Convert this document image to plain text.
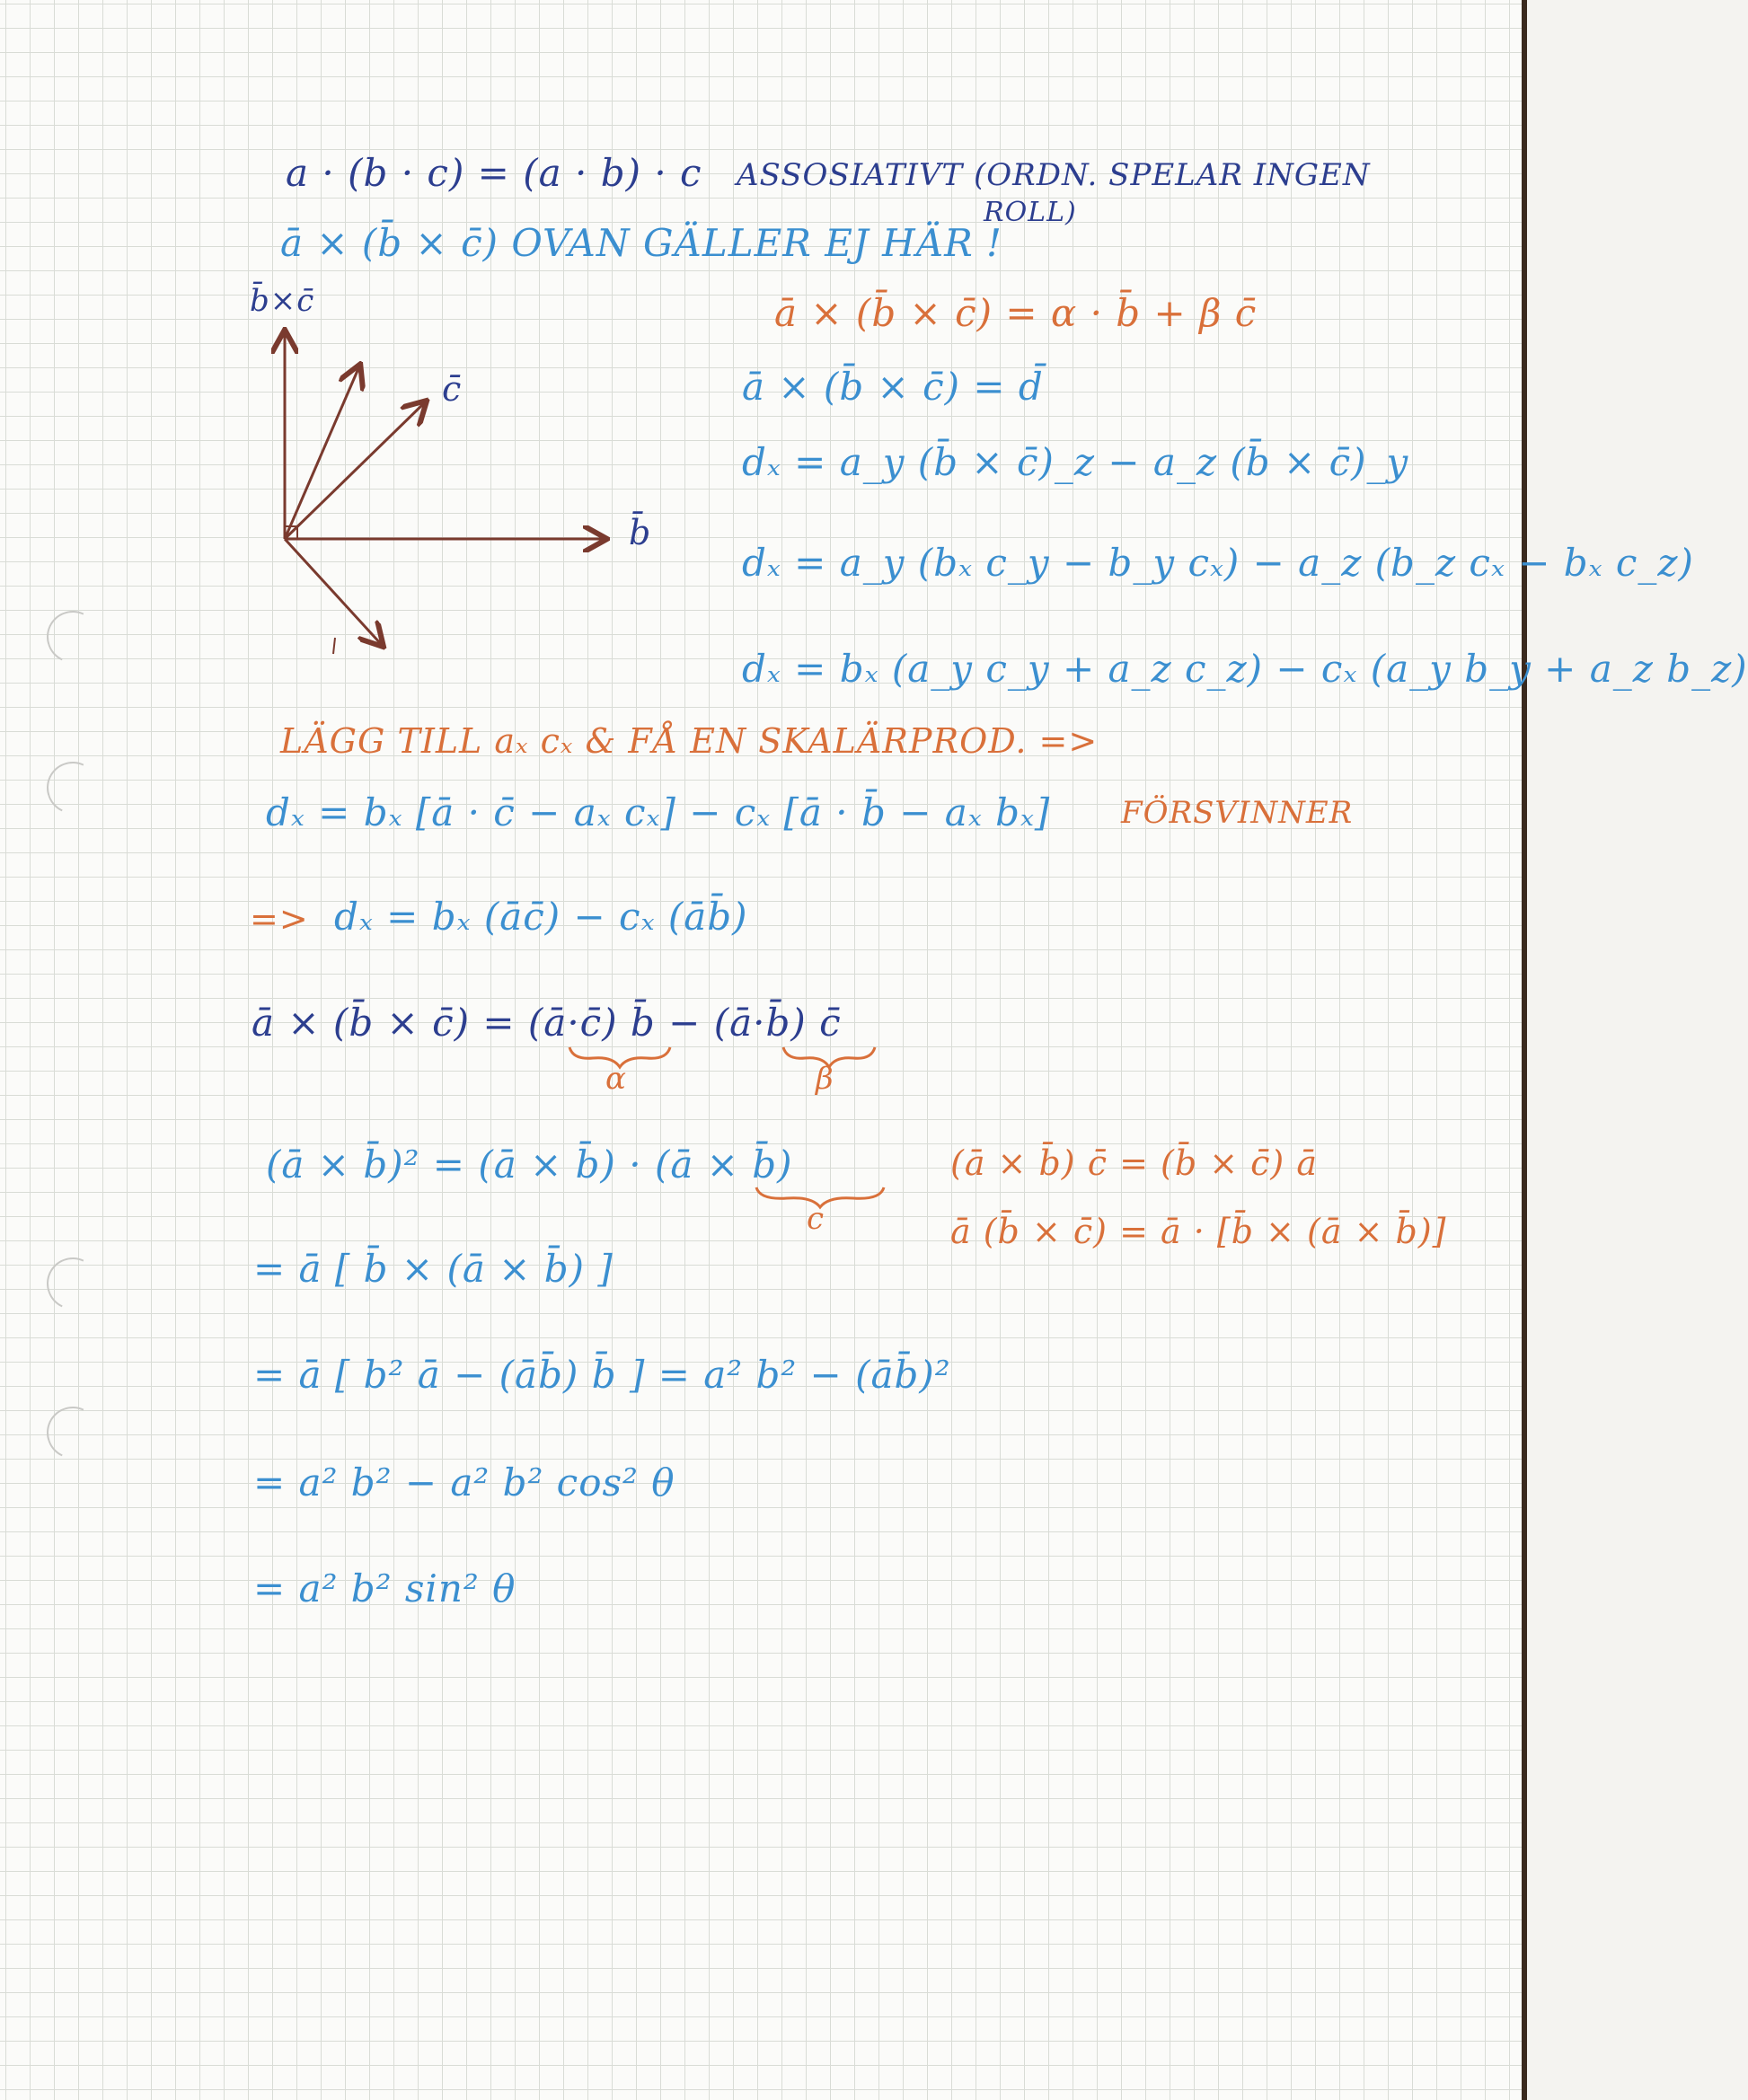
a · (b · c) = (a · b) · c ASSOSIATIVT (ORDN. SPELAR INGEN
ROLL)
ā × (b̄ × c̄) OVAN GÄLLER EJ HÄR !
b̄×c̄
c̄
b̄
ā × (b̄ × c̄) = α · b̄ + β c̄
ā × (b̄ × c̄) = d̄
dₓ = a_y (b̄ × c̄)_z − a_z (b̄ × c̄)_y
dₓ = a_y (bₓ c_y − b_y cₓ) − a_z (b_z cₓ − bₓ c_z)
dₓ = bₓ (a_y c_y + a_z c_z) − cₓ (a_y b_y + a_z b_z)
LÄGG TILL aₓ cₓ & FÅ EN SKALÄRPROD. =>
dₓ = bₓ [ā · c̄ − aₓ cₓ] − cₓ [ā · b̄ − aₓ bₓ] FÖRSVINNER
=> dₓ = bₓ (āc̄) − cₓ (āb̄)
ā × (b̄ × c̄) = (ā·c̄) b̄ − (ā·b̄) c̄
α	β
(ā × b̄)² = (ā × b̄) · (ā × b̄)
c
(ā × b̄) c̄ = (b̄ × c̄) ā
ā (b̄ × c̄) = ā · [b̄ × (ā × b̄)]
= ā [ b̄ × (ā × b̄) ]
= ā [ b² ā − (āb̄) b̄ ] = a² b² − (āb̄)²
= a² b² − a² b² cos² θ
= a² b² sin² θ
